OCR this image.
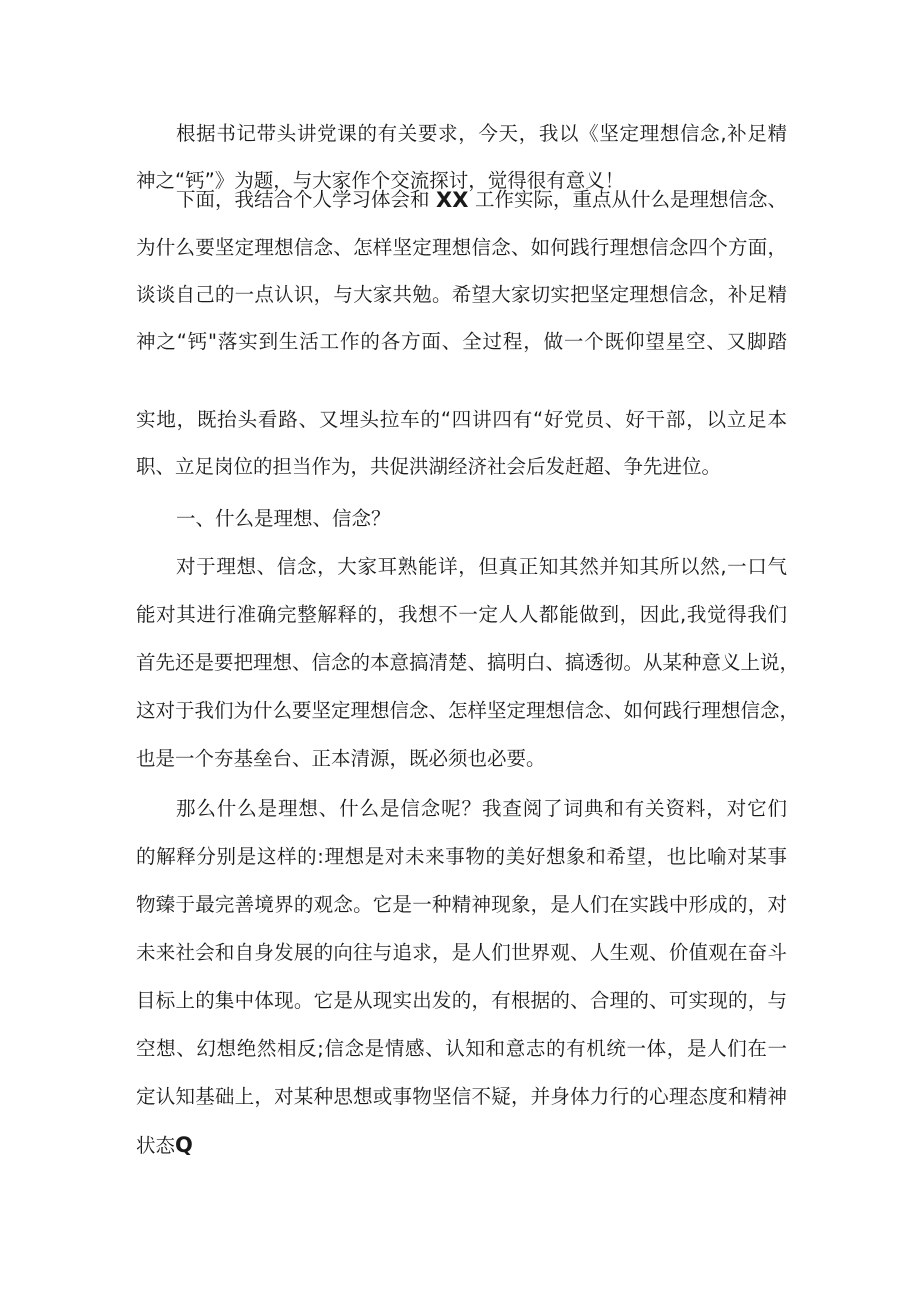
根据书记带头讲党课的有关要求，今天，我以《坚定理想信念,补足精
神之“钙”》为题，与大家作个交流探讨，觉得很有意义！
下面，我结合个人学习体会和 XX 工作实际，重点从什么是理想信念、
为什么要坚定理想信念、怎样坚定理想信念、如何践行理想信念四个方面，
谈谈自己的一点认识，与大家共勉。希望大家切实把坚定理想信念，补足精
神之“钙"落实到生活工作的各方面、全过程，做一个既仰望星空、又脚踏
实地，既抬头看路、又埋头拉车的“四讲四有“好党员、好干部，以立足本
职、立足岗位的担当作为，共促洪湖经济社会后发赶超、争先进位。
一、什么是理想、信念？
对于理想、信念，大家耳熟能详，但真正知其然并知其所以然,一口气
能对其进行准确完整解释的，我想不一定人人都能做到，因此,我觉得我们
首先还是要把理想、信念的本意搞清楚、搞明白、搞透彻。从某种意义上说，
这对于我们为什么要坚定理想信念、怎样坚定理想信念、如何践行理想信念，
也是一个夯基垒台、正本清源，既必须也必要。
那么什么是理想、什么是信念呢？我查阅了词典和有关资料，对它们
的解释分别是这样的:理想是对未来事物的美好想象和希望，也比喻对某事
物臻于最完善境界的观念。它是一种精神现象，是人们在实践中形成的，对
未来社会和自身发展的向往与追求，是人们世界观、人生观、价值观在奋斗
目标上的集中体现。它是从现实出发的，有根据的、合理的、可实现的，与
空想、幻想绝然相反;信念是情感、认知和意志的有机统一体，是人们在一
定认知基础上，对某种思想或事物坚信不疑，并身体力行的心理态度和精神
状态Q
